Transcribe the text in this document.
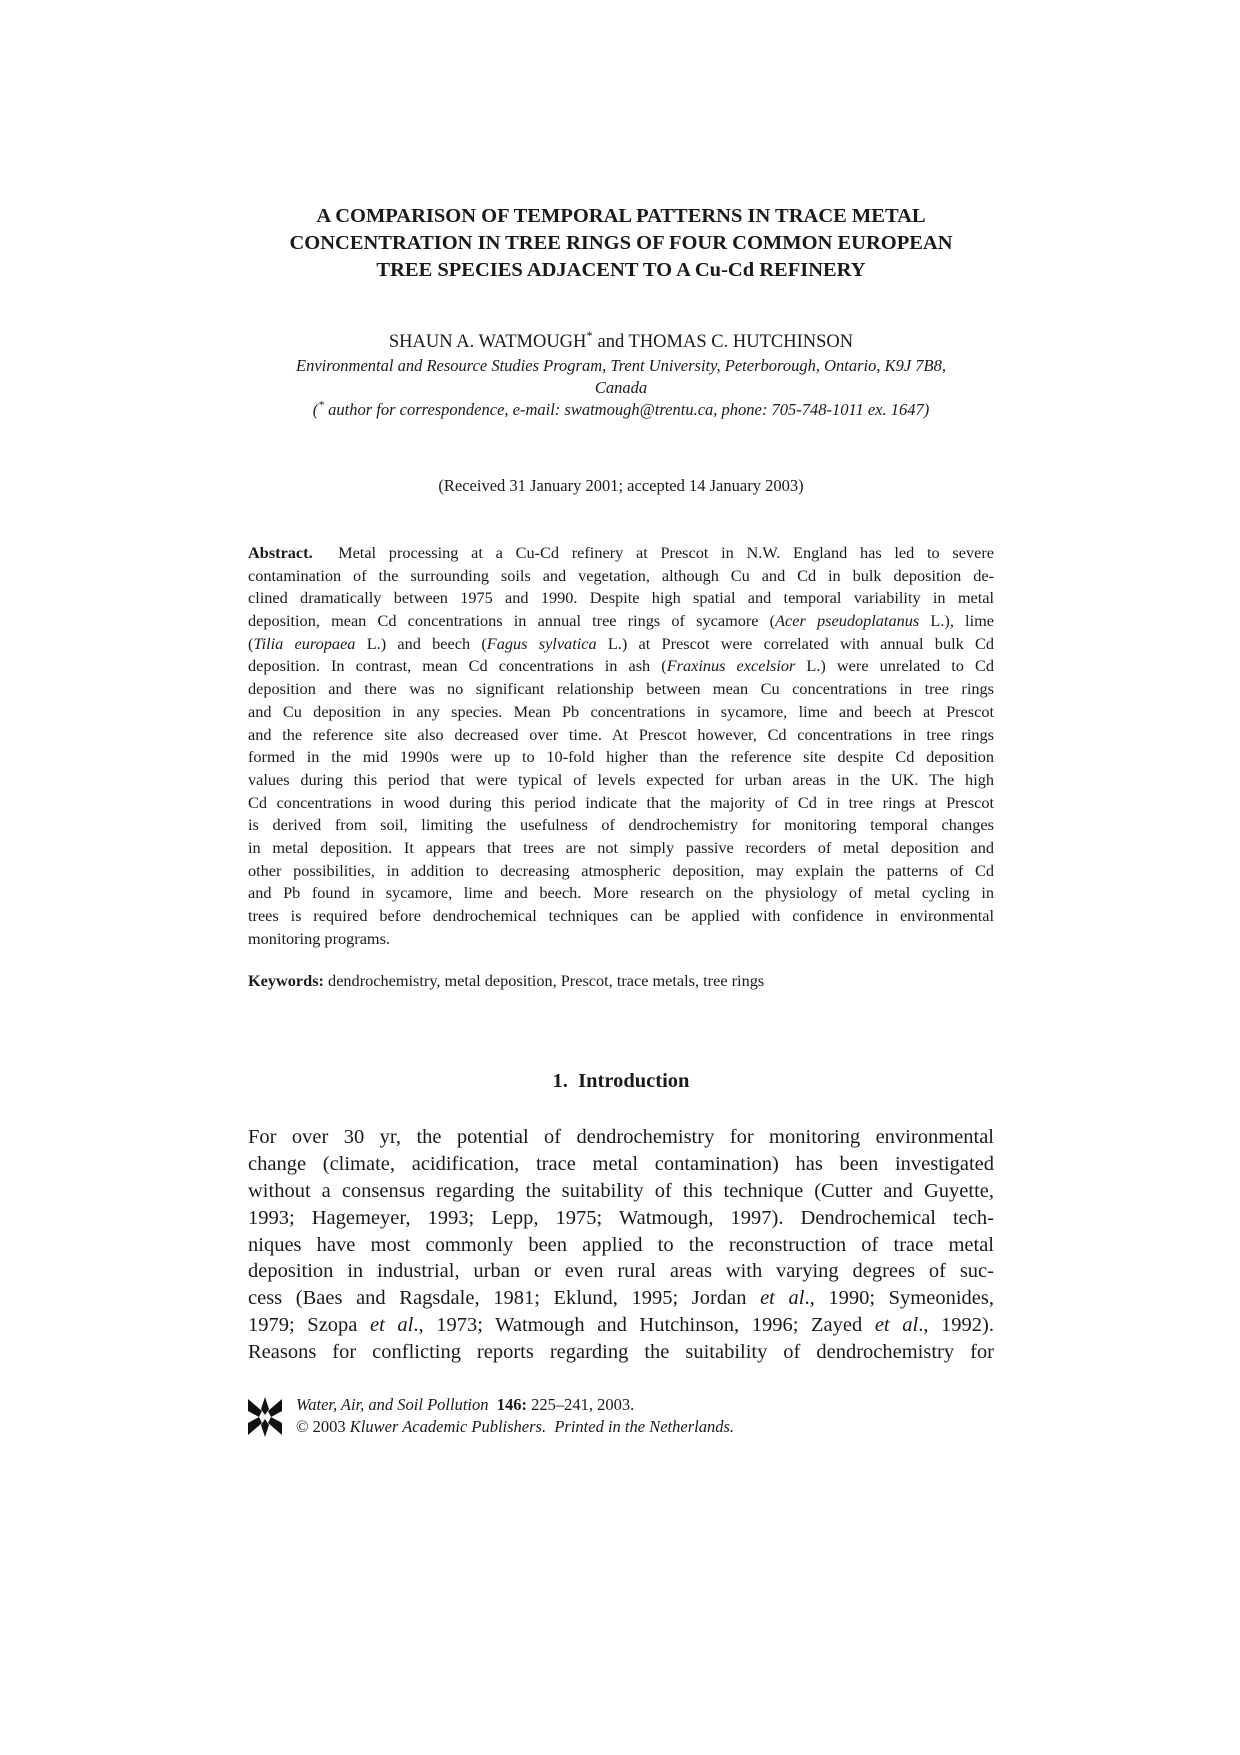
A COMPARISON OF TEMPORAL PATTERNS IN TRACE METAL
CONCENTRATION IN TREE RINGS OF FOUR COMMON EUROPEAN
TREE SPECIES ADJACENT TO A Cu-Cd REFINERY
SHAUN A. WATMOUGH* and THOMAS C. HUTCHINSON
Environmental and Resource Studies Program, Trent University, Peterborough, Ontario, K9J 7B8,
Canada
(* author for correspondence, e-mail: swatmough@trentu.ca, phone: 705-748-1011 ex. 1647)
(Received 31 January 2001; accepted 14 January 2003)
Abstract. Metal processing at a Cu-Cd refinery at Prescot in N.W. England has led to severe
contamination of the surrounding soils and vegetation, although Cu and Cd in bulk deposition de-
clined dramatically between 1975 and 1990. Despite high spatial and temporal variability in metal
deposition, mean Cd concentrations in annual tree rings of sycamore (Acer pseudoplatanus L.), lime
(Tilia europaea L.) and beech (Fagus sylvatica L.) at Prescot were correlated with annual bulk Cd
deposition. In contrast, mean Cd concentrations in ash (Fraxinus excelsior L.) were unrelated to Cd
deposition and there was no significant relationship between mean Cu concentrations in tree rings
and Cu deposition in any species. Mean Pb concentrations in sycamore, lime and beech at Prescot
and the reference site also decreased over time. At Prescot however, Cd concentrations in tree rings
formed in the mid 1990s were up to 10-fold higher than the reference site despite Cd deposition
values during this period that were typical of levels expected for urban areas in the UK. The high
Cd concentrations in wood during this period indicate that the majority of Cd in tree rings at Prescot
is derived from soil, limiting the usefulness of dendrochemistry for monitoring temporal changes
in metal deposition. It appears that trees are not simply passive recorders of metal deposition and
other possibilities, in addition to decreasing atmospheric deposition, may explain the patterns of Cd
and Pb found in sycamore, lime and beech. More research on the physiology of metal cycling in
trees is required before dendrochemical techniques can be applied with confidence in environmental
monitoring programs.
Keywords: dendrochemistry, metal deposition, Prescot, trace metals, tree rings
1. Introduction
For over 30 yr, the potential of dendrochemistry for monitoring environmental
change (climate, acidification, trace metal contamination) has been investigated
without a consensus regarding the suitability of this technique (Cutter and Guyette,
1993; Hagemeyer, 1993; Lepp, 1975; Watmough, 1997). Dendrochemical tech-
niques have most commonly been applied to the reconstruction of trace metal
deposition in industrial, urban or even rural areas with varying degrees of suc-
cess (Baes and Ragsdale, 1981; Eklund, 1995; Jordan et al., 1990; Symeonides,
1979; Szopa et al., 1973; Watmough and Hutchinson, 1996; Zayed et al., 1992).
Reasons for conflicting reports regarding the suitability of dendrochemistry for
Water, Air, and Soil Pollution 146: 225–241, 2003.
© 2003 Kluwer Academic Publishers.  Printed in the Netherlands.
